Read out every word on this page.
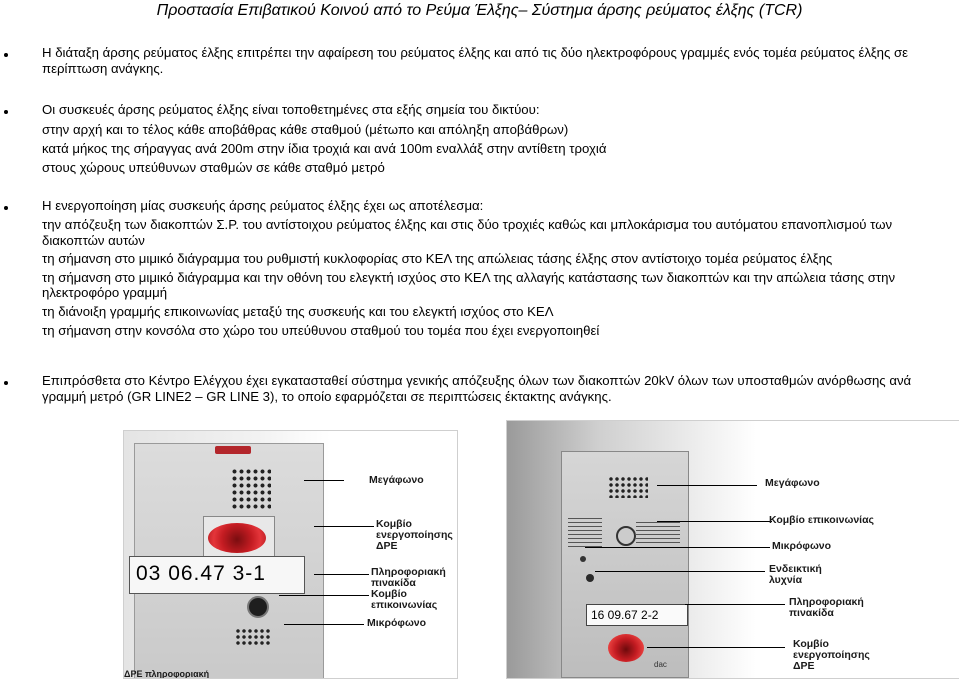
Προστασία Επιβατικού Κοινού από το Ρεύμα Έλξης– Σύστημα άρσης ρεύματος έλξης (TCR)
Η διάταξη άρσης ρεύματος έλξης επιτρέπει την αφαίρεση του ρεύματος έλξης και από τις δύο ηλεκτροφόρους γραμμές ενός τομέα ρεύματος έλξης σε περίπτωση ανάγκης.
Οι συσκευές άρσης ρεύματος έλξης είναι τοποθετημένες στα εξής σημεία του δικτύου:
στην αρχή και το τέλος κάθε αποβάθρας κάθε σταθμού (μέτωπο και απόληξη αποβάθρων)
κατά μήκος της σήραγγας ανά 200m στην ίδια τροχιά και ανά 100m εναλλάξ στην αντίθετη τροχιά
στους χώρους υπεύθυνων σταθμών σε κάθε σταθμό μετρό
Η ενεργοποίηση μίας συσκευής άρσης ρεύματος έλξης έχει ως αποτέλεσμα:
την απόζευξη των διακοπτών Σ.Ρ. του αντίστοιχου ρεύματος έλξης και στις δύο τροχιές καθώς και μπλοκάρισμα του αυτόματου επανοπλισμού των διακοπτών αυτών
τη σήμανση στο μιμικό διάγραμμα του ρυθμιστή κυκλοφορίας στο ΚΕΛ της απώλειας τάσης έλξης στον αντίστοιχο τομέα ρεύματος έλξης
τη σήμανση στο μιμικό διάγραμμα και την οθόνη του ελεγκτή ισχύος στο ΚΕΛ της αλλαγής κατάστασης των διακοπτών και την απώλεια τάσης στην ηλεκτροφόρο γραμμή
τη διάνοιξη γραμμής επικοινωνίας μεταξύ της συσκευής και του ελεγκτή ισχύος στο ΚΕΛ
τη σήμανση στην κονσόλα στο χώρο του υπεύθυνου σταθμού του τομέα που έχει ενεργοποιηθεί
Επιπρόσθετα στο Κέντρο Ελέγχου έχει εγκατασταθεί σύστημα γενικής απόζευξης όλων των διακοπτών 20kV όλων των υποσταθμών ανόρθωσης ανά γραμμή μετρό (GR LINE2 – GR LINE 3), το οποίο εφαρμόζεται σε περιπτώσεις έκτακτης ανάγκης.
03 06.47 3-1
Μεγάφωνο
Κομβίο ενεργοποίησης ΔΡΕ
Πληροφοριακή πινακίδα
Κομβίο επικοινωνίας
Μικρόφωνο
ΔΡΕ πληροφοριακή
16 09.67 2-2
dac
Μεγάφωνο
Κομβίο επικοινωνίας
Μικρόφωνο
Ενδεικτική λυχνία
Πληροφοριακή πινακίδα
Κομβίο ενεργοποίησης ΔΡΕ
